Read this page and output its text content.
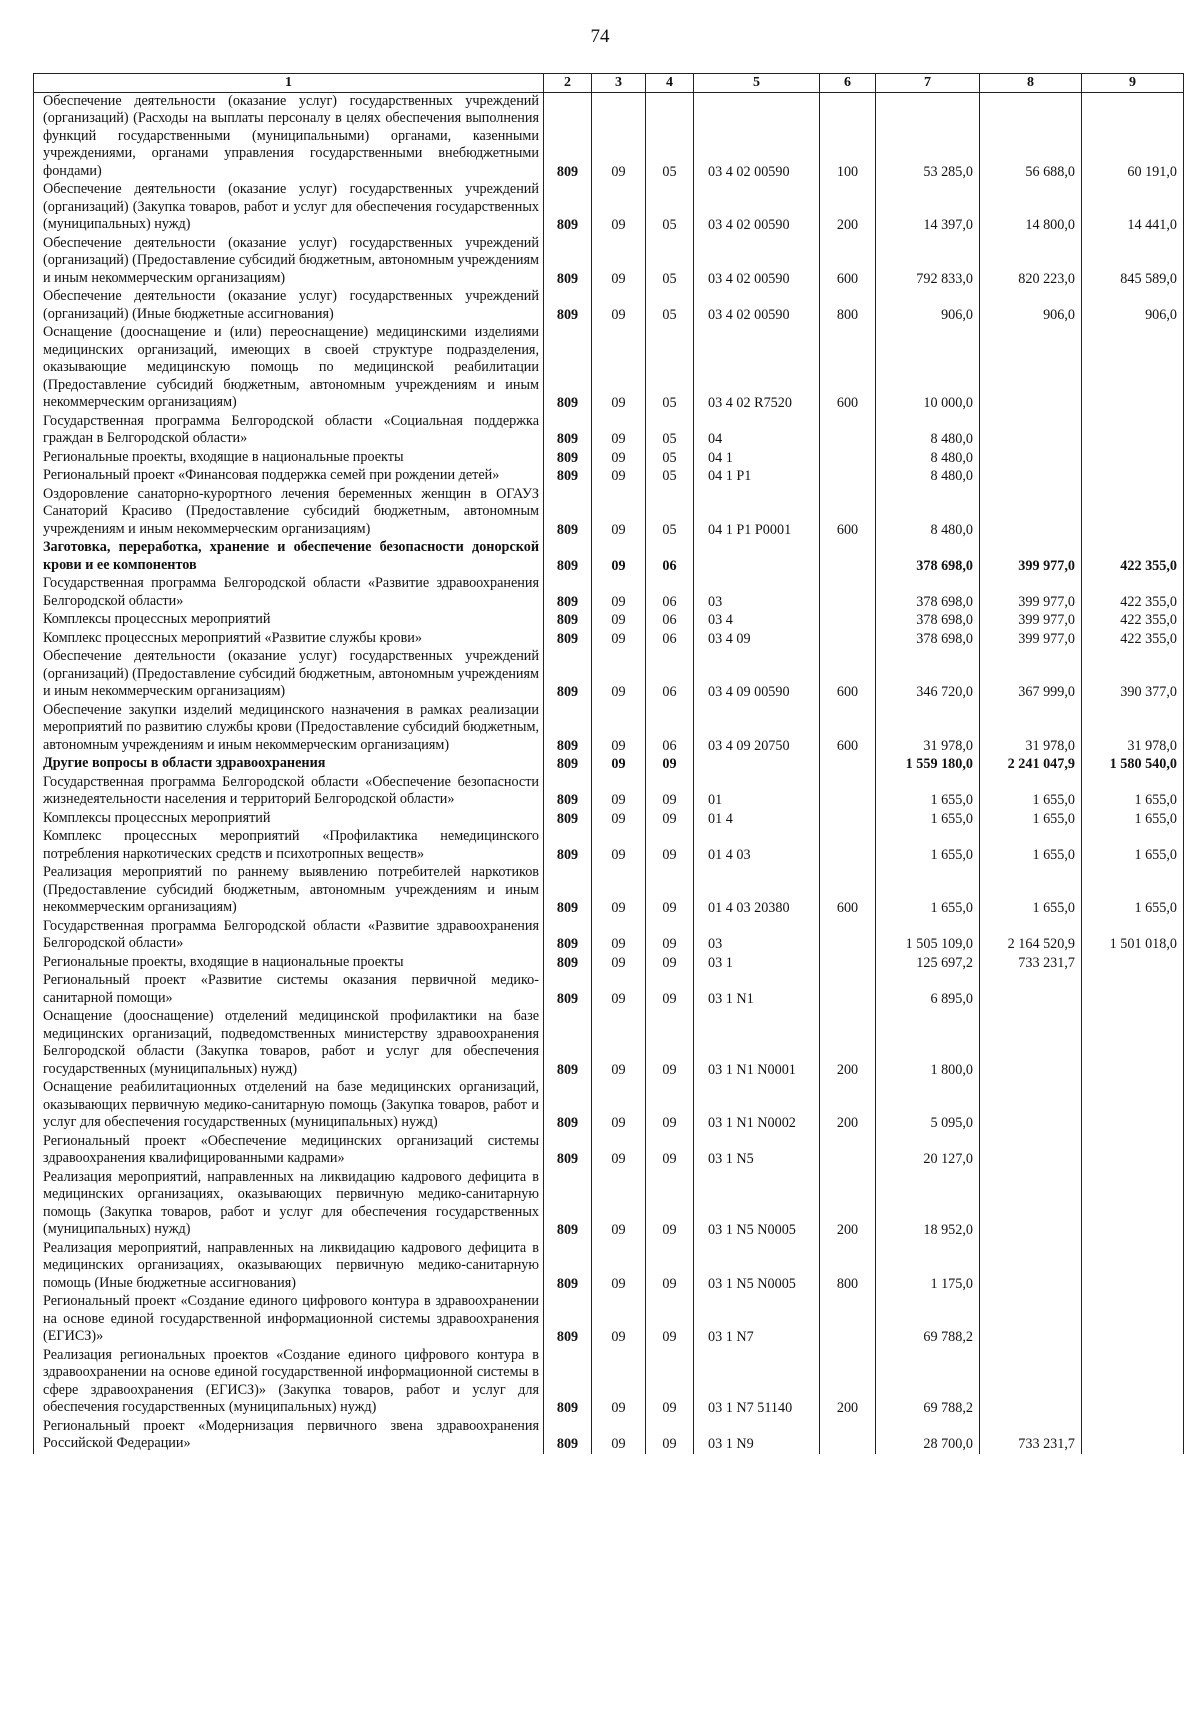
74
1	2	3	4	5	6	7	8	9
Обеспечение деятельности (оказание услуг) государственных учреждений (организаций) (Расходы на выплаты персоналу в целях обеспечения выполнения функций государственными (муниципальными) органами, казенными учреждениями, органами управления государственными внебюджетными фондами)	809	09	05	03 4 02 00590	100	53 285,0	56 688,0	60 191,0
Обеспечение деятельности (оказание услуг) государственных учреждений (организаций) (Закупка товаров, работ и услуг для обеспечения государственных (муниципальных) нужд)	809	09	05	03 4 02 00590	200	14 397,0	14 800,0	14 441,0
Обеспечение деятельности (оказание услуг) государственных учреждений (организаций) (Предоставление субсидий бюджетным, автономным учреждениям и иным некоммерческим организациям)	809	09	05	03 4 02 00590	600	792 833,0	820 223,0	845 589,0
Обеспечение деятельности (оказание услуг) государственных учреждений (организаций) (Иные бюджетные ассигнования)	809	09	05	03 4 02 00590	800	906,0	906,0	906,0
Оснащение (дооснащение и (или) переоснащение) медицинскими изделиями медицинских организаций, имеющих в своей структуре подразделения, оказывающие медицинскую помощь по медицинской реабилитации (Предоставление субсидий бюджетным, автономным учреждениям и иным некоммерческим организациям)	809	09	05	03 4 02 R7520	600	10 000,0		
Государственная программа Белгородской области «Социальная поддержка граждан в Белгородской области»	809	09	05	04		8 480,0		
Региональные проекты, входящие в национальные проекты	809	09	05	04 1		8 480,0		
Региональный проект «Финансовая поддержка семей при рождении детей»	809	09	05	04 1 P1		8 480,0		
Оздоровление санаторно-курортного лечения беременных женщин в ОГАУЗ Санаторий Красиво (Предоставление субсидий бюджетным, автономным учреждениям и иным некоммерческим организациям)	809	09	05	04 1 P1 P0001	600	8 480,0		
Заготовка, переработка, хранение и обеспечение безопасности донорской крови и ее компонентов	809	09	06			378 698,0	399 977,0	422 355,0
Государственная программа Белгородской области «Развитие здравоохранения Белгородской области»	809	09	06	03		378 698,0	399 977,0	422 355,0
Комплексы процессных мероприятий	809	09	06	03 4		378 698,0	399 977,0	422 355,0
Комплекс процессных мероприятий «Развитие службы крови»	809	09	06	03 4 09		378 698,0	399 977,0	422 355,0
Обеспечение деятельности (оказание услуг) государственных учреждений (организаций) (Предоставление субсидий бюджетным, автономным учреждениям и иным некоммерческим организациям)	809	09	06	03 4 09 00590	600	346 720,0	367 999,0	390 377,0
Обеспечение закупки изделий медицинского назначения в рамках реализации мероприятий по развитию службы крови (Предоставление субсидий бюджетным, автономным учреждениям и иным некоммерческим организациям)	809	09	06	03 4 09 20750	600	31 978,0	31 978,0	31 978,0
Другие вопросы в области здравоохранения	809	09	09			1 559 180,0	2 241 047,9	1 580 540,0
Государственная программа Белгородской области «Обеспечение безопасности жизнедеятельности населения и территорий Белгородской области»	809	09	09	01		1 655,0	1 655,0	1 655,0
Комплексы процессных мероприятий	809	09	09	01 4		1 655,0	1 655,0	1 655,0
Комплекс процессных мероприятий «Профилактика немедицинского потребления наркотических средств и психотропных веществ»	809	09	09	01 4 03		1 655,0	1 655,0	1 655,0
Реализация мероприятий по раннему выявлению потребителей наркотиков (Предоставление субсидий бюджетным, автономным учреждениям и иным некоммерческим организациям)	809	09	09	01 4 03 20380	600	1 655,0	1 655,0	1 655,0
Государственная программа Белгородской области «Развитие здравоохранения Белгородской области»	809	09	09	03		1 505 109,0	2 164 520,9	1 501 018,0
Региональные проекты, входящие в национальные проекты	809	09	09	03 1		125 697,2	733 231,7	
Региональный проект «Развитие системы оказания первичной медико-санитарной помощи»	809	09	09	03 1 N1		6 895,0		
Оснащение (дооснащение) отделений медицинской профилактики на базе медицинских организаций, подведомственных министерству здравоохранения Белгородской области (Закупка товаров, работ и услуг для обеспечения государственных (муниципальных) нужд)	809	09	09	03 1 N1 N0001	200	1 800,0		
Оснащение реабилитационных отделений на базе медицинских организаций, оказывающих первичную медико-санитарную помощь (Закупка товаров, работ и услуг для обеспечения государственных (муниципальных) нужд)	809	09	09	03 1 N1 N0002	200	5 095,0		
Региональный проект «Обеспечение медицинских организаций системы здравоохранения квалифицированными кадрами»	809	09	09	03 1 N5		20 127,0		
Реализация мероприятий, направленных на ликвидацию кадрового дефицита в медицинских организациях, оказывающих первичную медико-санитарную помощь (Закупка товаров, работ и услуг для обеспечения государственных (муниципальных) нужд)	809	09	09	03 1 N5 N0005	200	18 952,0		
Реализация мероприятий, направленных на ликвидацию кадрового дефицита в медицинских организациях, оказывающих первичную медико-санитарную помощь (Иные бюджетные ассигнования)	809	09	09	03 1 N5 N0005	800	1 175,0		
Региональный проект «Создание единого цифрового контура в здравоохранении на основе единой государственной информационной системы здравоохранения (ЕГИСЗ)»	809	09	09	03 1 N7		69 788,2		
Реализация региональных проектов «Создание единого цифрового контура в здравоохранении на основе единой государственной информационной системы в сфере здравоохранения (ЕГИСЗ)» (Закупка товаров, работ и услуг для обеспечения государственных (муниципальных) нужд)	809	09	09	03 1 N7 51140	200	69 788,2		
Региональный проект «Модернизация первичного звена здравоохранения Российской Федерации»	809	09	09	03 1 N9		28 700,0	733 231,7	
